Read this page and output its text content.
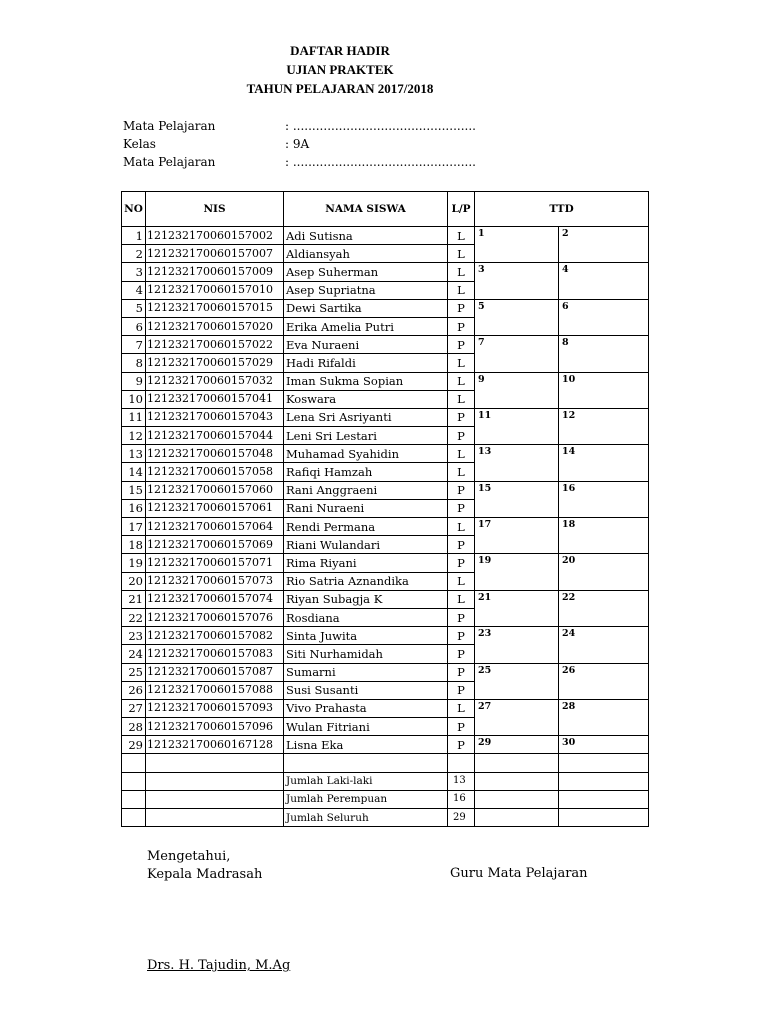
DAFTAR HADIR
UJIAN PRAKTEK
TAHUN PELAJARAN 2017/2018
Mata Pelajaran	: ................................................
Kelas	: 9A
Mata Pelajaran	: ................................................
NO	NIS	NAMA SISWA	L/P	TTD	
1	121232170060157002	Adi Sutisna	L	1	2
2	121232170060157007	Aldiansyah	L		
3	121232170060157009	Asep Suherman	L	3	4
4	121232170060157010	Asep Supriatna	L		
5	121232170060157015	Dewi Sartika	P	5	6
6	121232170060157020	Erika Amelia Putri	P		
7	121232170060157022	Eva Nuraeni	P	7	8
8	121232170060157029	Hadi Rifaldi	L		
9	121232170060157032	Iman Sukma Sopian	L	9	10
10	121232170060157041	Koswara	L		
11	121232170060157043	Lena Sri Asriyanti	P	11	12
12	121232170060157044	Leni Sri Lestari	P		
13	121232170060157048	Muhamad Syahidin	L	13	14
14	121232170060157058	Rafiqi Hamzah	L		
15	121232170060157060	Rani Anggraeni	P	15	16
16	121232170060157061	Rani Nuraeni	P		
17	121232170060157064	Rendi Permana	L	17	18
18	121232170060157069	Riani Wulandari	P		
19	121232170060157071	Rima Riyani	P	19	20
20	121232170060157073	Rio Satria Aznandika	L		
21	121232170060157074	Riyan Subagja K	L	21	22
22	121232170060157076	Rosdiana	P		
23	121232170060157082	Sinta Juwita	P	23	24
24	121232170060157083	Siti Nurhamidah	P		
25	121232170060157087	Sumarni	P	25	26
26	121232170060157088	Susi Susanti	P		
27	121232170060157093	Vivo Prahasta	L	27	28
28	121232170060157096	Wulan Fitriani	P		
29	121232170060167128	Lisna Eka	P	29	30

		Jumlah Laki-laki	13		
		Jumlah Perempuan	16		
		Jumlah Seluruh	29		
Mengetahui,
Kepala Madrasah	Guru Mata Pelajaran
Drs. H. Tajudin, M.Ag
